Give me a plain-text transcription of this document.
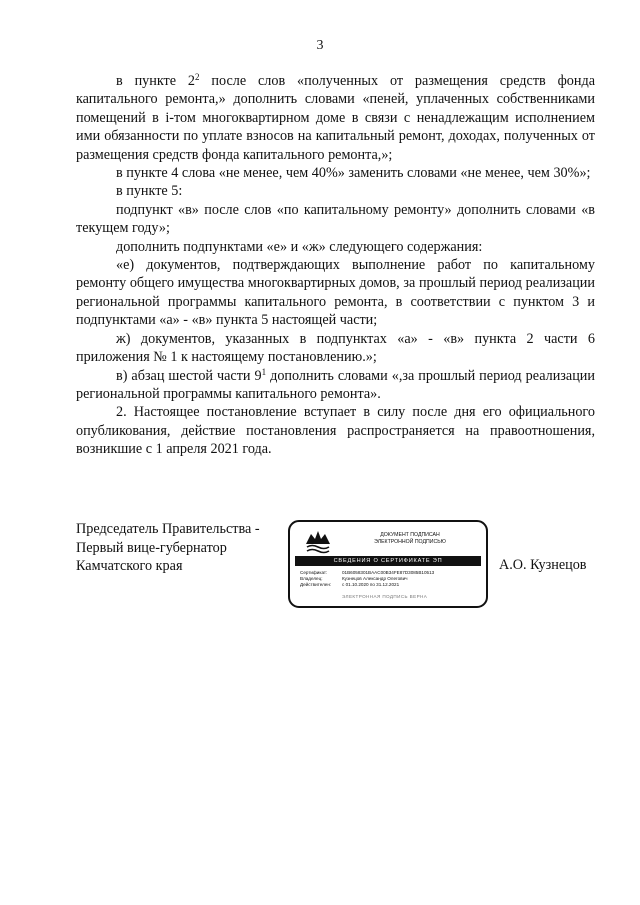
3

в пункте $2^2$ после слов «полученных от размещения средств фонда капитального ремонта,» дополнить словами «пеней, уплаченных собственниками помещений в i-том многоквартирном доме в связи с ненадлежащим исполнением ими обязанности по уплате взносов на капитальный ремонт, доходах, полученных от размещения средств фонда капитального ремонта,»;

в пункте 4 слова «не менее, чем 40%» заменить словами «не менее, чем 30%»;

в пункте 5:

подпункт «в» после слов «по капитальному ремонту» дополнить словами «в текущем году»;

дополнить подпунктами «е» и «ж» следующего содержания:

«е) документов, подтверждающих выполнение работ по капитальному ремонту общего имущества многоквартирных домов, за прошлый период реализации региональной программы капитального ремонта, в соответствии с пунктом 3 и подпунктами «а» - «в» пункта 5 настоящей части;

ж) документов, указанных в подпунктах «а» - «в» пункта 2 части 6 приложения № 1 к настоящему постановлению.»;

в) абзац шестой части $9^1$ дополнить словами «,за прошлый период реализации региональной программы капитального ремонта».

2. Настоящее постановление вступает в силу после дня его официального опубликования, действие постановления распространяется на правоотношения, возникшие с 1 апреля 2021 года.

Председатель Правительства -
Первый вице-губернатор
Камчатского края
ДОКУМЕНТ ПОДПИСАН
ЭЛЕКТРОННОЙ ПОДПИСЬЮ
СВЕДЕНИЯ О СЕРТИФИКАТЕ ЭП
Сертификат:	01B6058301BAAC00B34FE87D3085B10513
Владелец:	Кузнецов Александр Олегович
Действителен: с 01.10.2020 по 31.12.2021
ЭЛЕКТРОННАЯ ПОДПИСЬ ВЕРНА
А.О. Кузнецов
